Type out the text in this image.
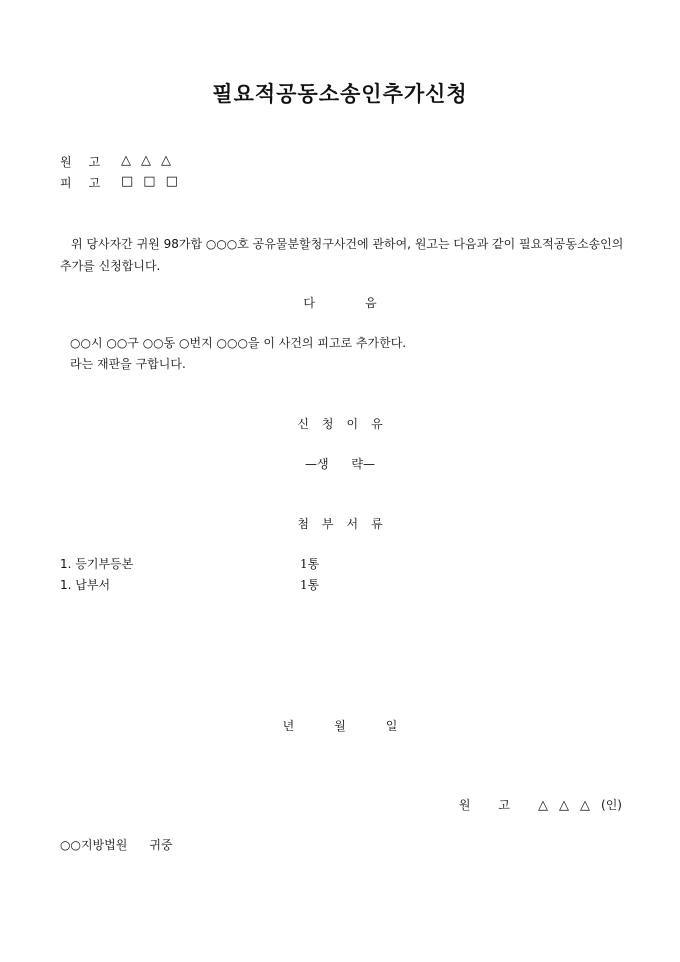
필요적공동소송인추가신청
원고 △△△
피고 □□□
위 당사자간 귀원 98가합 ○○○호 공유물분할청구사건에 관하여, 원고는 다음과 같이 필요적공동소송인의 추가를 신청합니다.
다	음
○○시 ○○구 ○○동 ○번지 ○○○을 이 사건의 피고로 추가한다.
라는 재판을 구합니다.
신청이유
—생      략—
첨부서류
1. 등기부등본	1통
1. 납부서	1통
년	월	일
원고△△△(인)
○○지방법원 귀중
